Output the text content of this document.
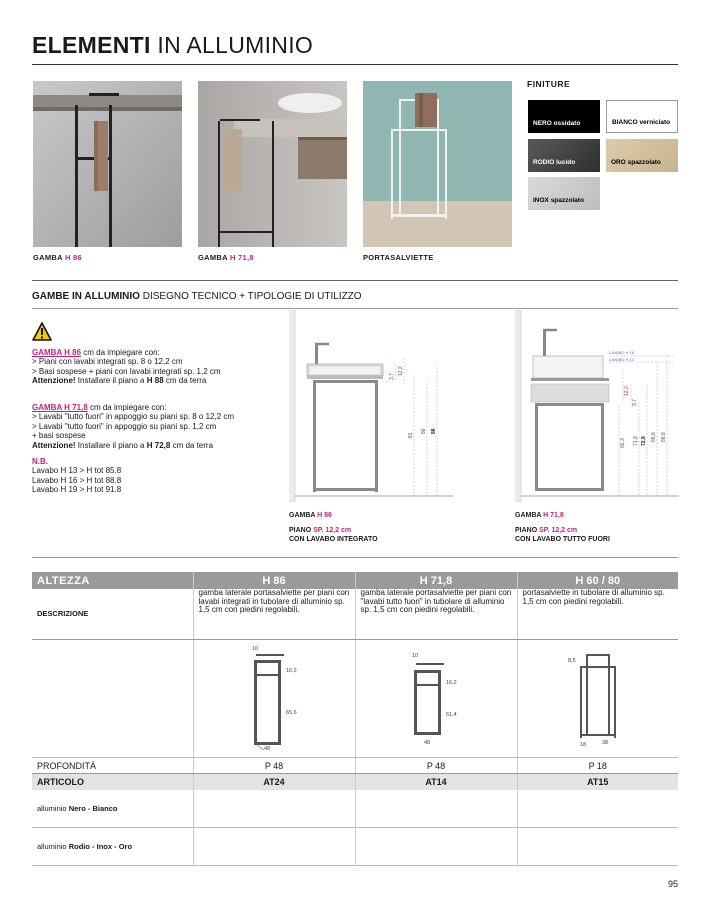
ELEMENTI IN ALLUMINIO
GAMBA H 86	GAMBA H 71,8	PORTASALVIETTE
FINITURE
NERO ossidato	BIANCO verniciato
RODIO lucido	ORO spazzolato
INOX spazzolato
GAMBE IN ALLUMINIO DISEGNO TECNICO + TIPOLOGIE DI UTILIZZO
GAMBA H 86 cm da impiegare con:
> Piani con lavabi integrati sp. 8 o 12,2 cm
> Basi sospese + piani con lavabi integrati sp. 1,2 cm
Attenzione! Installare il piano a H 88 cm da terra
GAMBA H 71,8 cm da impiegare con:
> Lavabi "tutto fuori" in appoggio su piani sp. 8 o 12,2 cm
> Lavabi "tutto fuori" in appoggio su piani sp. 1,2 cm
+ basi sospese
Attenzione! Installare il piano a H 72,8 cm da terra
N.B.
Lavabo H 13 > H tot 85.8
Lavabo H 16 > H tot 88.8
Lavabo H 19 > H tot 91.8
3,7
12,2
81
86 88
GAMBA H 86
PIANO SP. 12,2 cm
CON LAVABO INTEGRATO
LAVABO H 16
LAVABO H 13
12,2
3,7
66,3 71,8 72,8 85,8 88,8
GAMBA H 71,8
PIANO SP. 12,2 cm
CON LAVABO TUTTO FUORI
ALTEZZA	H 86	H 71,8	H 60 / 80
DESCRIZIONE	gamba laterale portasalviette per piani con lavabi integrati in tubolare di alluminio sp. 1,5 cm con piedini regolabili.	gamba laterale portasalviette per piani con "lavabi tutto fuori" in tubolare di alluminio sp. 1,5 cm con piedini regolabili.	portasalviette in tubolare di alluminio sp. 1,5 cm con piedini regolabili.

10
16,2
65,6
48	10
16,2
51,4
48	8,5
38
18

PROFONDITÀ	P 48	P 48	P 18
ARTICOLO	AT24	AT14	AT15
alluminio Nero - Bianco			
alluminio Rodio - Inox - Oro			
95
